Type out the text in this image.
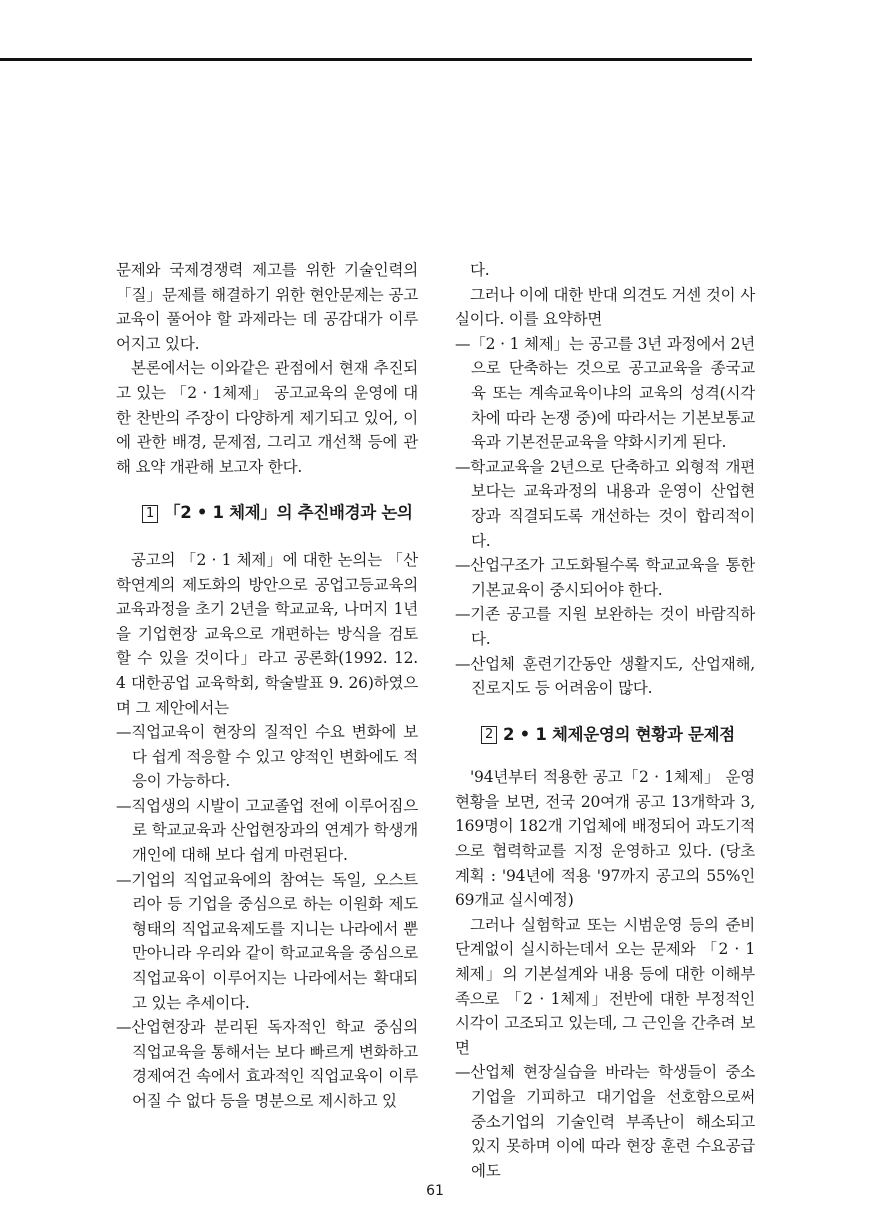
문제와 국제경쟁력 제고를 위한 기술인력의 「질」문제를 해결하기 위한 현안문제는 공고교육이 풀어야 할 과제라는 데 공감대가 이루어지고 있다.

본론에서는 이와같은 관점에서 현재 추진되고 있는 「2 · 1체제」 공고교육의 운영에 대한 찬반의 주장이 다양하게 제기되고 있어, 이에 관한 배경, 문제점, 그리고 개선책 등에 관해 요약 개관해 보고자 한다.

1 「2 • 1 체제」의 추진배경과 논의

공고의 「2 · 1 체제」에 대한 논의는 「산학연계의 제도화의 방안으로 공업고등교육의 교육과정을 초기 2년을 학교교육, 나머지 1년을 기업현장 교육으로 개편하는 방식을 검토할 수 있을 것이다」라고 공론화(1992. 12. 4 대한공업 교육학회, 학술발표 9. 26)하였으며 그 제안에서는

—직업교육이 현장의 질적인 수요 변화에 보다 쉽게 적응할 수 있고 양적인 변화에도 적응이 가능하다.

—직업생의 시발이 고교졸업 전에 이루어짐으로 학교교육과 산업현장과의 연계가 학생개개인에 대해 보다 쉽게 마련된다.

—기업의 직업교육에의 참여는 독일, 오스트리아 등 기업을 중심으로 하는 이원화 제도 형태의 직업교육제도를 지니는 나라에서 뿐만아니라 우리와 같이 학교교육을 중심으로 직업교육이 이루어지는 나라에서는 확대되고 있는 추세이다.

—산업현장과 분리된 독자적인 학교 중심의 직업교육을 통해서는 보다 빠르게 변화하고 경제여건 속에서 효과적인 직업교육이 이루어질 수 없다 등을 명분으로 제시하고 있

다.

그러나 이에 대한 반대 의견도 거센 것이 사실이다. 이를 요약하면

—「2 · 1 체제」는 공고를 3년 과정에서 2년으로 단축하는 것으로 공고교육을 종국교육 또는 계속교육이냐의 교육의 성격(시각차에 따라 논쟁 중)에 따라서는 기본보통교육과 기본전문교육을 약화시키게 된다.

—학교교육을 2년으로 단축하고 외형적 개편보다는 교육과정의 내용과 운영이 산업현장과 직결되도록 개선하는 것이 합리적이다.

—산업구조가 고도화될수록 학교교육을 통한 기본교육이 중시되어야 한다.

—기존 공고를 지원 보완하는 것이 바람직하다.

—산업체 훈련기간동안 생활지도, 산업재해, 진로지도 등 어려움이 많다.

2 2 • 1 체제운영의 현황과 문제점

'94년부터 적용한 공고「2 · 1체제」 운영현황을 보면, 전국 20여개 공고 13개학과 3, 169명이 182개 기업체에 배정되어 과도기적으로 협력학교를 지정 운영하고 있다. (당초계획 : '94년에 적용 '97까지 공고의 55%인 69개교 실시예정)

그러나 실험학교 또는 시범운영 등의 준비단계없이 실시하는데서 오는 문제와 「2 · 1체제」의 기본설계와 내용 등에 대한 이해부족으로 「2 · 1체제」전반에 대한 부정적인 시각이 고조되고 있는데, 그 근인을 간추려 보면

—산업체 현장실습을 바라는 학생들이 중소기업을 기피하고 대기업을 선호함으로써 중소기업의 기술인력 부족난이 해소되고 있지 못하며 이에 따라 현장 훈련 수요공급에도

61
